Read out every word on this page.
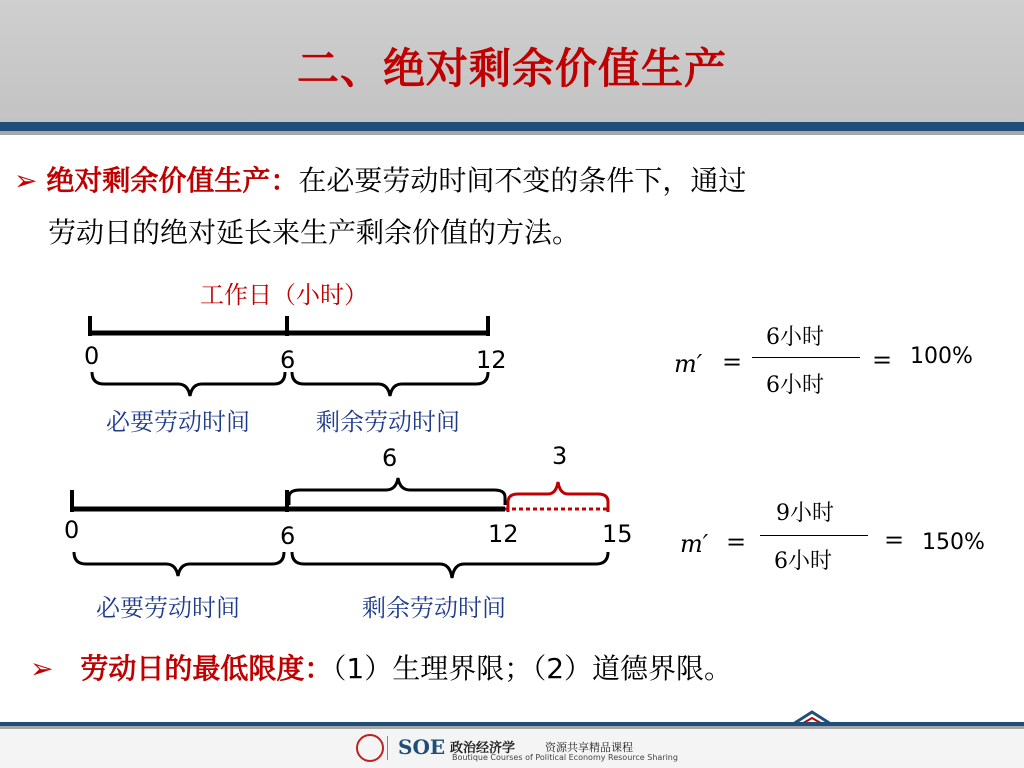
二、绝对剩余价值生产
➢ 绝对剩余价值生产：在必要劳动时间不变的条件下，通过
劳动日的绝对延长来生产剩余价值的方法。
工作日（小时）
0	6	12
必要劳动时间	剩余劳动时间
6	3
0	6	12	15
必要劳动时间	剩余劳动时间
m′ =
6小时
6小时
= 100%
m′ =
9小时
6小时
= 150%
➢ 劳动日的最低限度：（1）生理界限；（2）道德界限。
SOE 政治经济学	资源共享精品课程
Boutique Courses of Political Economy Resource Sharing
